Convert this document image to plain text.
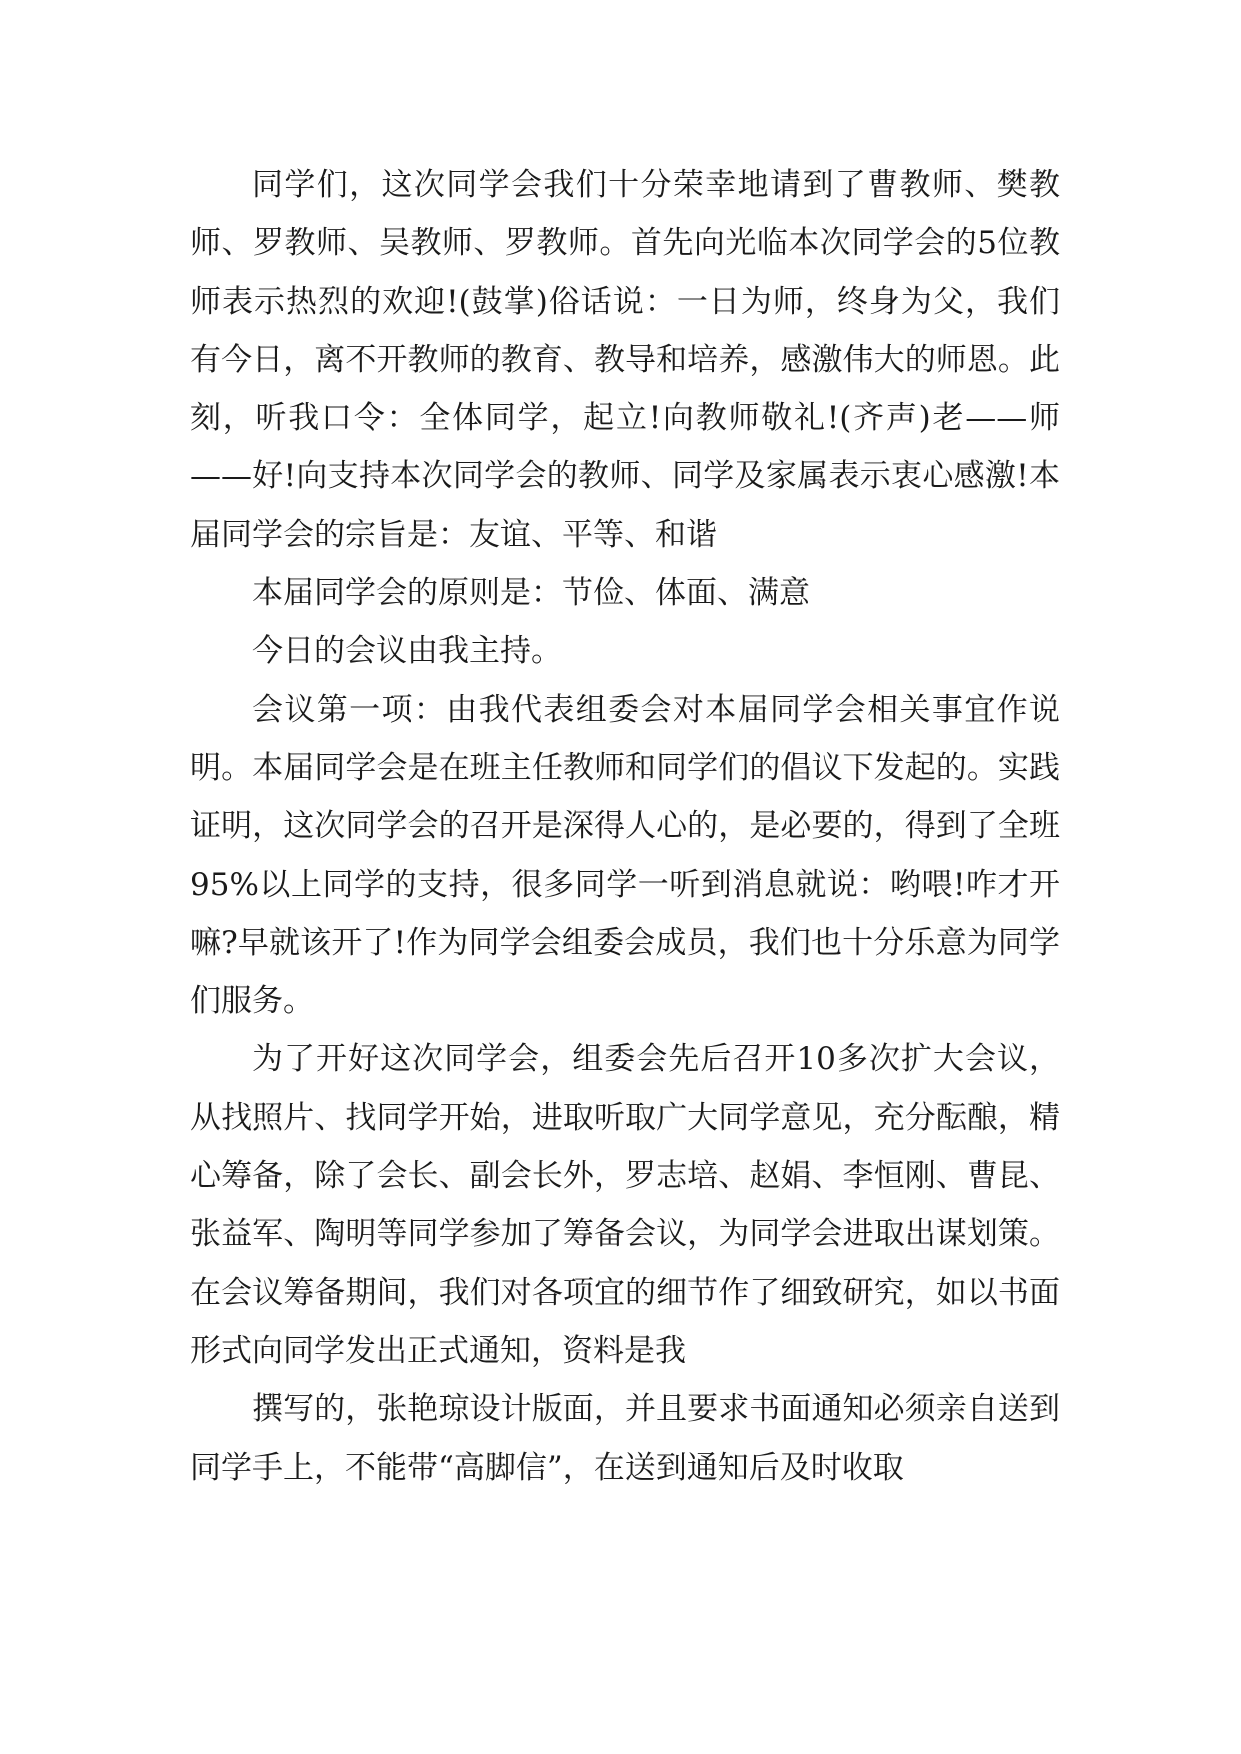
同学们，这次同学会我们十分荣幸地请到了曹教师、樊教师、罗教师、吴教师、罗教师。首先向光临本次同学会的5位教师表示热烈的欢迎!(鼓掌)俗话说：一日为师，终身为父，我们有今日，离不开教师的教育、教导和培养，感激伟大的师恩。此刻，听我口令：全体同学，起立!向教师敬礼!(齐声)老——师——好!向支持本次同学会的教师、同学及家属表示衷心感激!本届同学会的宗旨是：友谊、平等、和谐

本届同学会的原则是：节俭、体面、满意

今日的会议由我主持。

会议第一项：由我代表组委会对本届同学会相关事宜作说明。本届同学会是在班主任教师和同学们的倡议下发起的。实践证明，这次同学会的召开是深得人心的，是必要的，得到了全班95%以上同学的支持，很多同学一听到消息就说：哟喂!咋才开嘛?早就该开了!作为同学会组委会成员，我们也十分乐意为同学们服务。

为了开好这次同学会，组委会先后召开10多次扩大会议，从找照片、找同学开始，进取听取广大同学意见，充分酝酿，精心筹备，除了会长、副会长外，罗志培、赵娟、李恒刚、曹昆、张益军、陶明等同学参加了筹备会议，为同学会进取出谋划策。在会议筹备期间，我们对各项宜的细节作了细致研究，如以书面形式向同学发出正式通知，资料是我

撰写的，张艳琼设计版面，并且要求书面通知必须亲自送到同学手上，不能带“高脚信”，在送到通知后及时收取
